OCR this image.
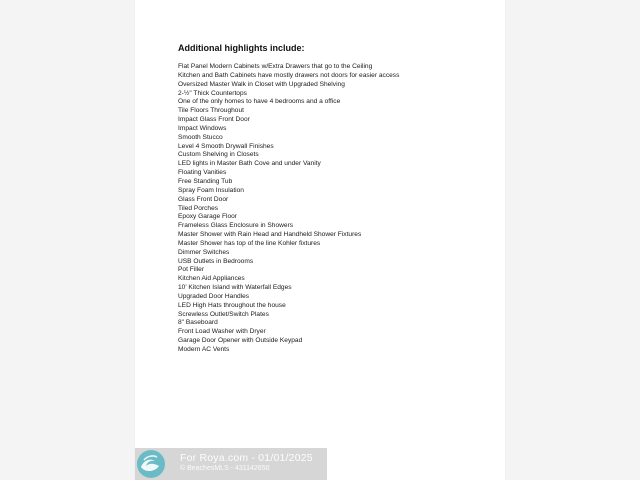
Additional highlights include:
Flat Panel Modern Cabinets w/Extra Drawers that go to the Ceiling
Kitchen and Bath Cabinets have mostly drawers not doors for easier access
Oversized Master Walk in Closet with Upgraded Shelving
2-½" Thick Countertops
One of the only homes to have 4 bedrooms and a office
Tile Floors Throughout
Impact Glass Front Door
Impact Windows
Smooth Stucco
Level 4 Smooth Drywall Finishes
Custom Shelving in Closets
LED lights in Master Bath Cove and under Vanity
Floating Vanities
Free Standing Tub
Spray Foam Insulation
Glass Front Door
Tiled Porches
Epoxy Garage Floor
Frameless Glass Enclosure in Showers
Master Shower with Rain Head and Handheld Shower Fixtures
Master Shower has top of the line Kohler fixtures
Dimmer Switches
USB Outlets in Bedrooms
Pot Filler
Kitchen Aid Appliances
10' Kitchen Island with Waterfall Edges
Upgraded Door Handles
LED High Hats throughout the house
Screwless Outlet/Switch Plates
8" Baseboard
Front Load Washer with Dryer
Garage Door Opener with Outside Keypad
Modern AC Vents
For Roya.com - 01/01/2025
© BeachesMLS - 431142650
